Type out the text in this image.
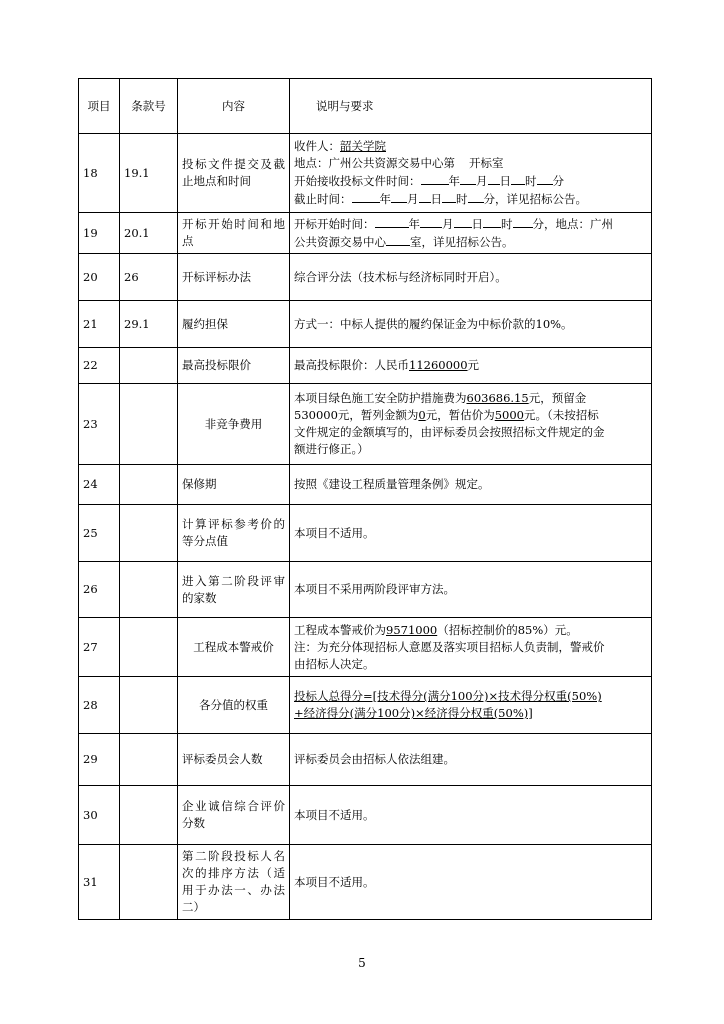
项目	条款号	内容	说明与要求
18	19.1	投标文件提交及截止地点和时间	收件人：韶关学院
地点：广州公共资源交易中心第 开标室
开始接收投标文件时间： 年 月 日 时 分
截止时间： 年 月 日 时 分，详见招标公告。

19	20.1	开标开始时间和地点	开标开始时间： 年 月 日 时 分，地点：广州
公共资源交易中心 室，详见招标公告。

20	26	开标评标办法	综合评分法（技术标与经济标同时开启）。
21	29.1	履约担保	方式一：中标人提供的履约保证金为中标价款的10%。
22		最高投标限价	最高投标限价：人民币11260000元
23		非竞争费用	本项目绿色施工安全防护措施费为603686.15元，预留金
530000元，暂列金额为0元，暂估价为5000元。（未按招标
文件规定的金额填写的，由评标委员会按照招标文件规定的金
额进行修正。）

24		保修期	按照《建设工程质量管理条例》规定。
25		计算评标参考价的等分点值	本项目不适用。
26		进入第二阶段评审的家数	本项目不采用两阶段评审方法。
27		工程成本警戒价	工程成本警戒价为9571000（招标控制价的85%）元。
注：为充分体现招标人意愿及落实项目招标人负责制，警戒价
由招标人决定。

28		各分值的权重	投标人总得分=[技术得分(满分100分)×技术得分权重(50%)
+经济得分(满分100分)×经济得分权重(50%)]

29		评标委员会人数	评标委员会由招标人依法组建。
30		企业诚信综合评价分数	本项目不适用。
31		第二阶段投标人名次的排序方法（适用于办法一、办法二）	本项目不适用。
5
